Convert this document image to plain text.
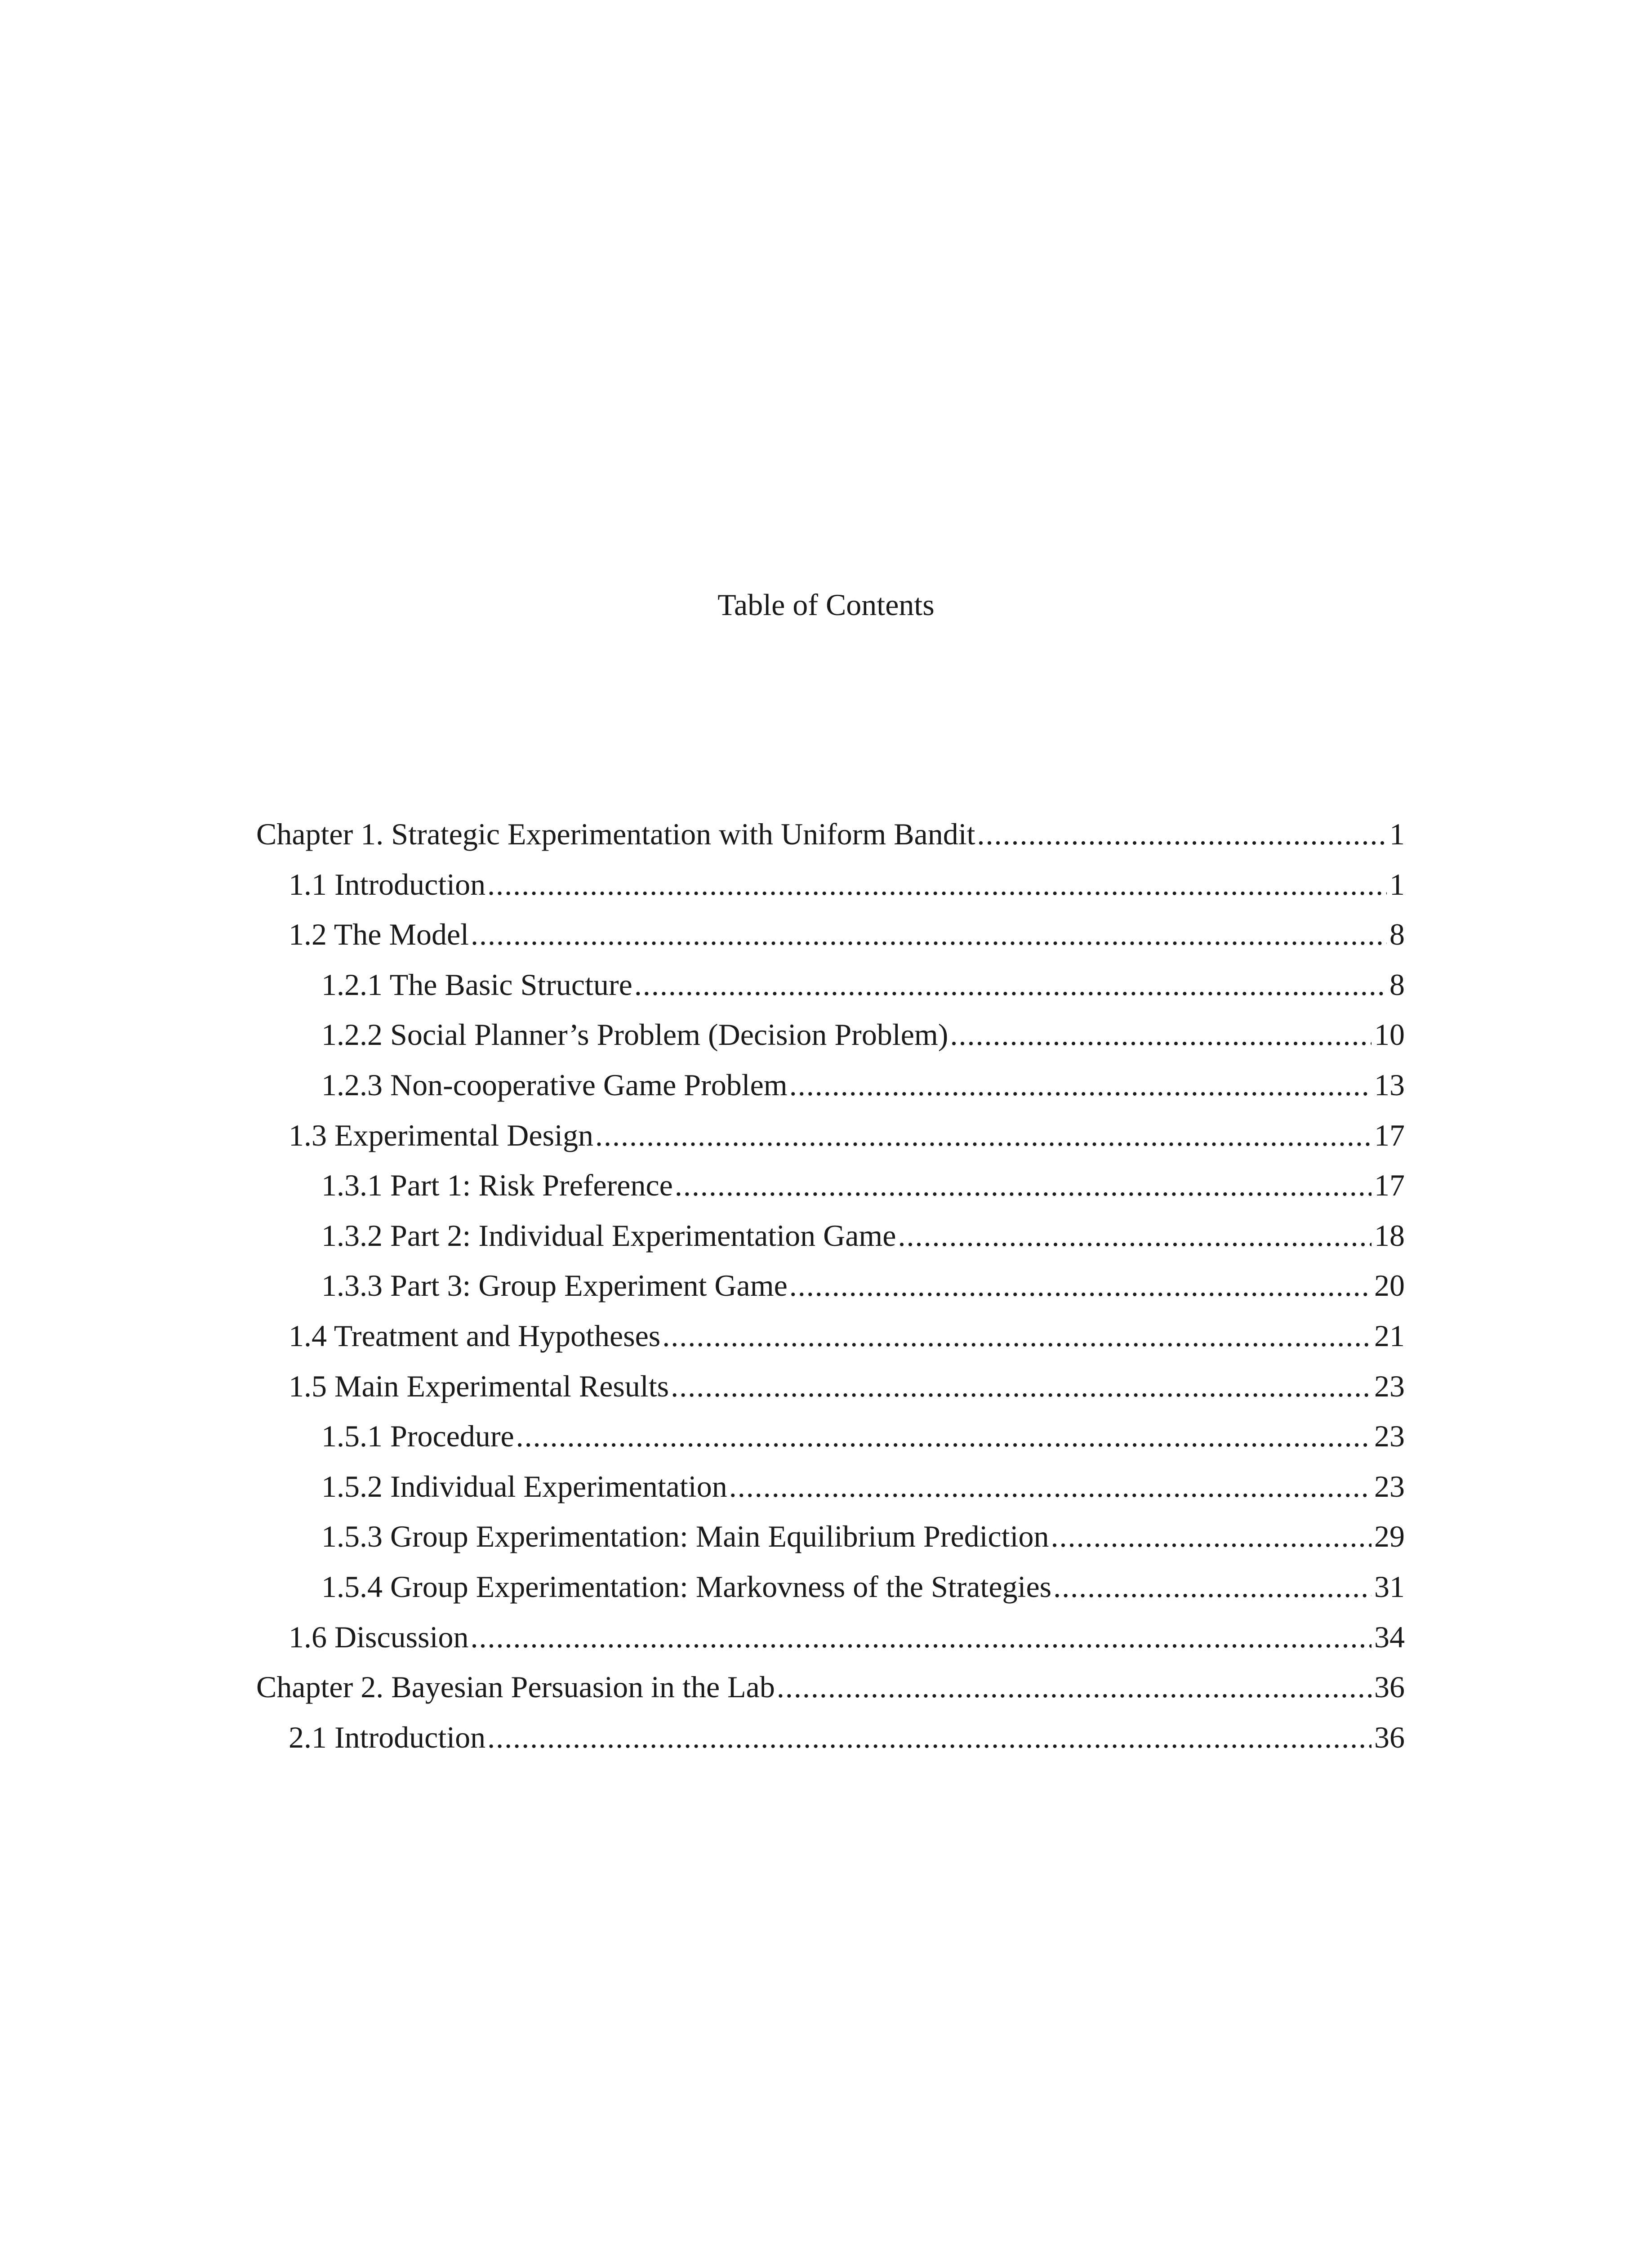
Table of Contents
Chapter 1. Strategic Experimentation with Uniform Bandit .....	1
1.1 Introduction .....	1
1.2 The Model .....	8
1.2.1 The Basic Structure .....	8
1.2.2 Social Planner’s Problem (Decision Problem) .....	10
1.2.3 Non-cooperative Game Problem .....	13
1.3 Experimental Design .....	17
1.3.1 Part 1: Risk Preference .....	17
1.3.2 Part 2: Individual Experimentation Game .....	18
1.3.3 Part 3: Group Experiment Game .....	20
1.4 Treatment and Hypotheses .....	21
1.5 Main Experimental Results .....	23
1.5.1 Procedure .....	23
1.5.2 Individual Experimentation .....	23
1.5.3 Group Experimentation: Main Equilibrium Prediction .....	29
1.5.4 Group Experimentation: Markovness of the Strategies .....	31
1.6 Discussion .....	34
Chapter 2. Bayesian Persuasion in the Lab .....	36
2.1 Introduction .....	36
